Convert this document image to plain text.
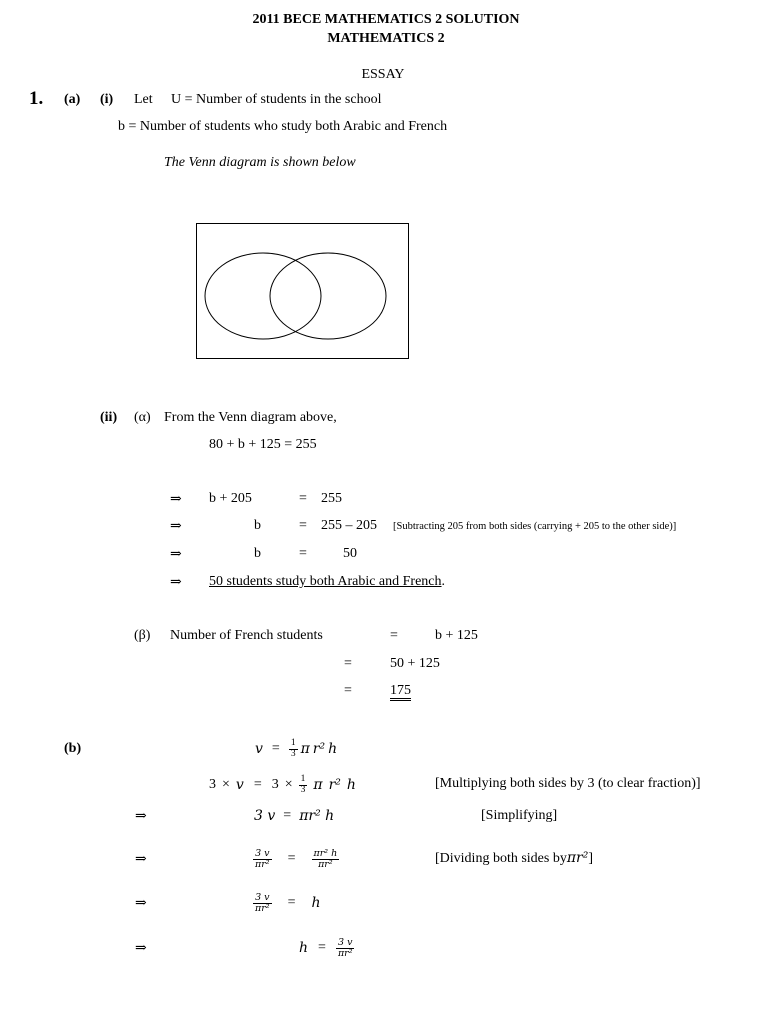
2011 BECE MATHEMATICS 2 SOLUTION
MATHEMATICS 2
ESSAY
1. (a) (i) Let U = Number of students in the school
b = Number of students who study both Arabic and French
The Venn diagram is shown below
(ii) (α) From the Venn diagram above,
80 + b + 125 = 255
⇒ b + 205	= 255
⇒	b	= 255 – 205 [Subtracting 205 from both sides (carrying + 205 to the other side)]
⇒	b	=	50
⇒ 50 students study both Arabic and French.
(β) Number of French students	=	b + 125
=	50 + 125
=	175
(b)	$v = \frac{1}{3}$ π r² h
$3 \times v = 3 \times \frac{1}{3}$ π r² h	[Multiplying both sides by 3 (to clear fraction)]
⇒	3 v = πr² h	[Simplifying]
⇒	$\frac{3 v}{\text{πr²}} = \frac{\text{πr² h}}{\text{πr²}}$	[Dividing both sides byπr²]
⇒	$\frac{3 v}{\text{πr²}} = h$
⇒	$h = \frac{3 v}{\text{πr²}}$
